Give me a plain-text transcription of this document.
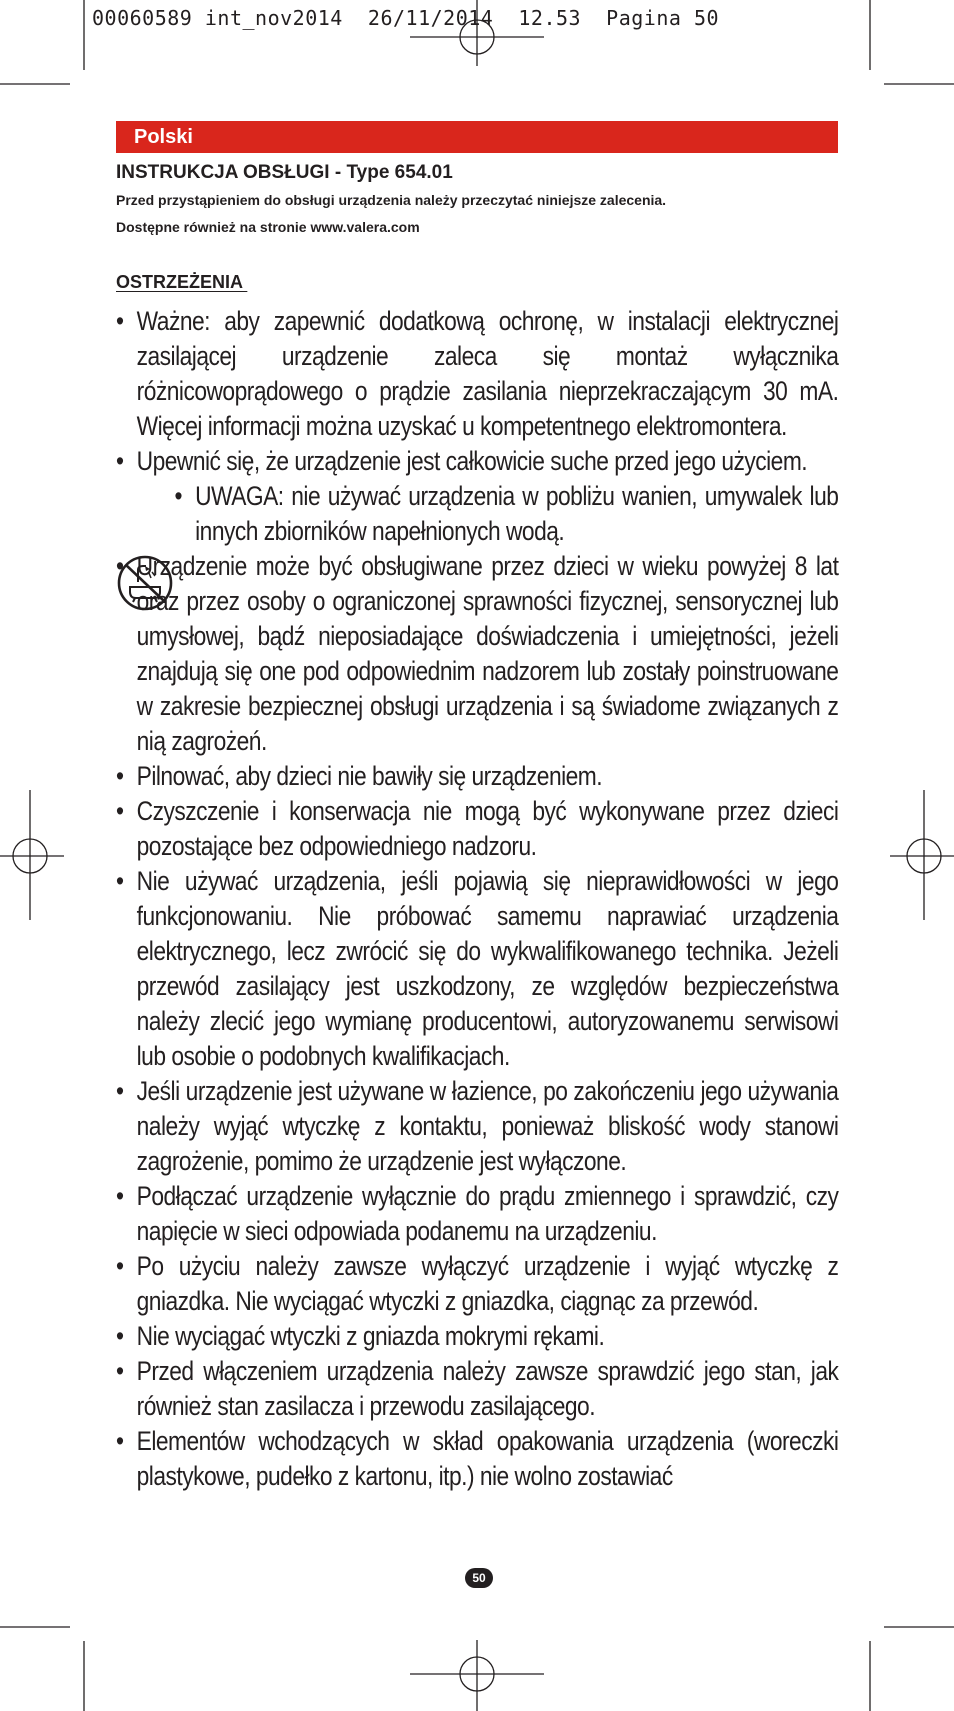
00060589 int_nov2014  26/11/2014  12.53  Pagina 50
Polski
INSTRUKCJA OBSŁUGI - Type 654.01
Przed przystąpieniem do obsługi urządzenia należy przeczytać niniejsze zalecenia.
Dostępne również na stronie www.valera.com
OSTRZEŻENIA
• Ważne: aby zapewnić dodatkową ochronę, w instalacji elektrycznej zasilającej urządzenie zaleca się montaż wyłącznika różnicowoprądowego o prądzie zasilania nieprzekraczającym 30 mA. Więcej informacji można uzyskać u kompetentnego elektromontera.
• Upewnić się, że urządzenie jest całkowicie suche przed jego użyciem.
• UWAGA: nie używać urządzenia w pobliżu wanien, umywalek lub innych zbiorników napełnionych wodą.
• Urządzenie może być obsługiwane przez dzieci w wieku powyżej 8 lat oraz przez osoby o ograniczonej sprawności fizycznej, sensorycznej lub umysłowej, bądź nieposiadające doświadczenia i umiejętności, jeżeli znajdują się one pod odpowiednim nadzorem lub zostały poinstruowane w zakresie bezpiecznej obsługi urządzenia i są świadome związanych z nią zagrożeń.
• Pilnować, aby dzieci nie bawiły się urządzeniem.
• Czyszczenie i konserwacja nie mogą być wykonywane przez dzieci pozostające bez odpowiedniego nadzoru.
• Nie używać urządzenia, jeśli pojawią się nieprawidłowości w jego funkcjonowaniu. Nie próbować samemu naprawiać urządzenia elektrycznego, lecz zwrócić się do wykwalifikowanego technika. Jeżeli przewód zasilający jest uszkodzony, ze względów bezpieczeństwa należy zlecić jego wymianę producentowi, autoryzowanemu serwisowi lub osobie o podobnych kwalifikacjach.
• Jeśli urządzenie jest używane w łazience, po zakończeniu jego używania należy wyjąć wtyczkę z kontaktu, ponieważ bliskość wody stanowi zagrożenie, pomimo że urządzenie jest wyłączone.
• Podłączać urządzenie wyłącznie do prądu zmiennego i sprawdzić, czy napięcie w sieci odpowiada podanemu na urządzeniu.
• Po użyciu należy zawsze wyłączyć urządzenie i wyjąć wtyczkę z gniazdka. Nie wyciągać wtyczki z gniazdka, ciągnąc za przewód.
• Nie wyciągać wtyczki z gniazda mokrymi rękami.
• Przed włączeniem urządzenia należy zawsze sprawdzić jego stan, jak również stan zasilacza i przewodu zasilającego.
• Elementów wchodzących w skład opakowania urządzenia (woreczki plastykowe, pudełko z kartonu, itp.) nie wolno zostawiać
50
